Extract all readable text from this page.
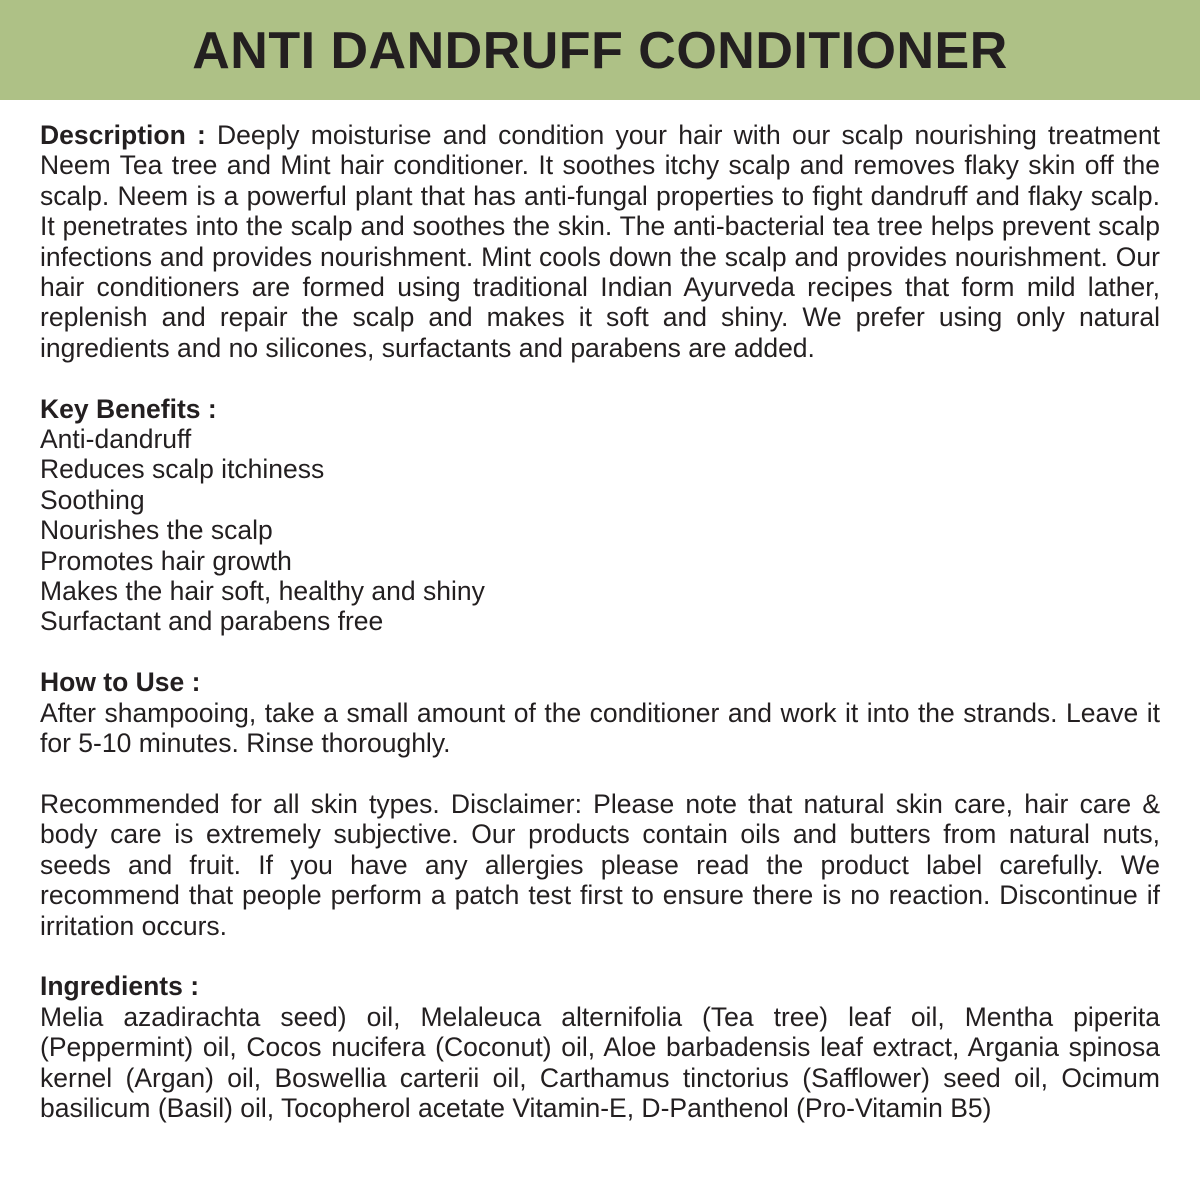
ANTI DANDRUFF CONDITIONER

Description : Deeply moisturise and condition your hair with our scalp nourishing treatment Neem Tea tree and Mint hair conditioner. It soothes itchy scalp and removes flaky skin off the scalp. Neem is a powerful plant that has anti-fungal properties to fight dandruff and flaky scalp. It penetrates into the scalp and soothes the skin. The anti-bacterial tea tree helps prevent scalp infections and provides nourishment. Mint cools down the scalp and provides nourishment. Our hair conditioners are formed using traditional Indian Ayurveda recipes that form mild lather, replenish and repair the scalp and makes it soft and shiny. We prefer using only natural ingredients and no silicones, surfactants and parabens are added.

Key Benefits :
Anti-dandruff
Reduces scalp itchiness
Soothing
Nourishes the scalp
Promotes hair growth
Makes the hair soft, healthy and shiny
Surfactant and parabens free
How to Use :

After shampooing, take a small amount of the conditioner and work it into the strands. Leave it for 5-10 minutes. Rinse thoroughly.

Recommended for all skin types. Disclaimer: Please note that natural skin care, hair care & body care is extremely subjective. Our products contain oils and butters from natural nuts, seeds and fruit. If you have any allergies please read the product label carefully. We recommend that people perform a patch test first to ensure there is no reaction. Discontinue if irritation occurs.

Ingredients :

Melia azadirachta seed) oil, Melaleuca alternifolia (Tea tree) leaf oil, Mentha piperita (Peppermint) oil, Cocos nucifera (Coconut) oil, Aloe barbadensis leaf extract, Argania spinosa kernel (Argan) oil, Boswellia carterii oil, Carthamus tinctorius (Safflower) seed oil, Ocimum basilicum (Basil) oil, Tocopherol acetate Vitamin-E, D-Panthenol (Pro-Vitamin B5)
